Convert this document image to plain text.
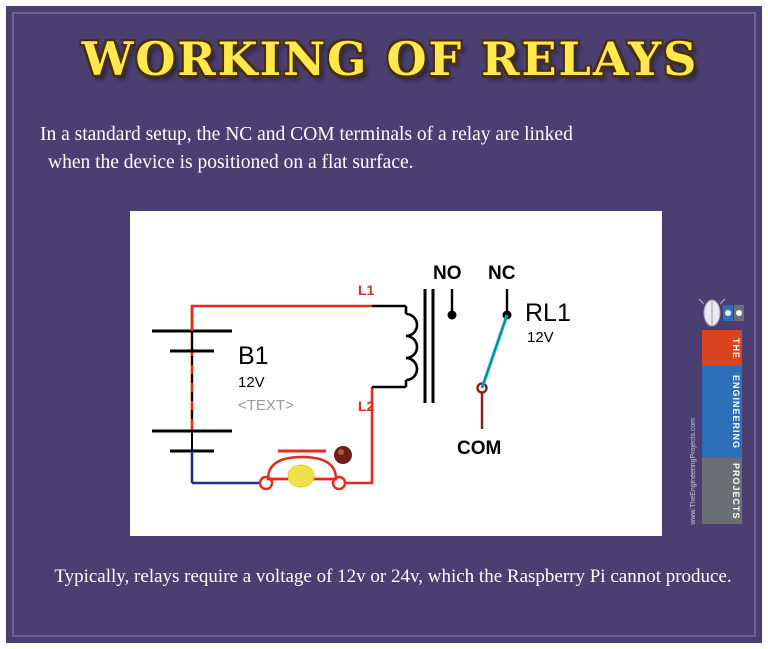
WORKING OF RELAYS
In a standard setup, the NC and COM terminals of a relay are linked
when the device is positioned on a flat surface.
B1
12V
<TEXT>
L1
L2
NO NC
COM
RL1
12V
Typically, relays require a voltage of 12v or 24v, which the Raspberry Pi cannot produce.
THE
ENGINEERING
PROJECTS
www.TheEngineeringProjects.com
